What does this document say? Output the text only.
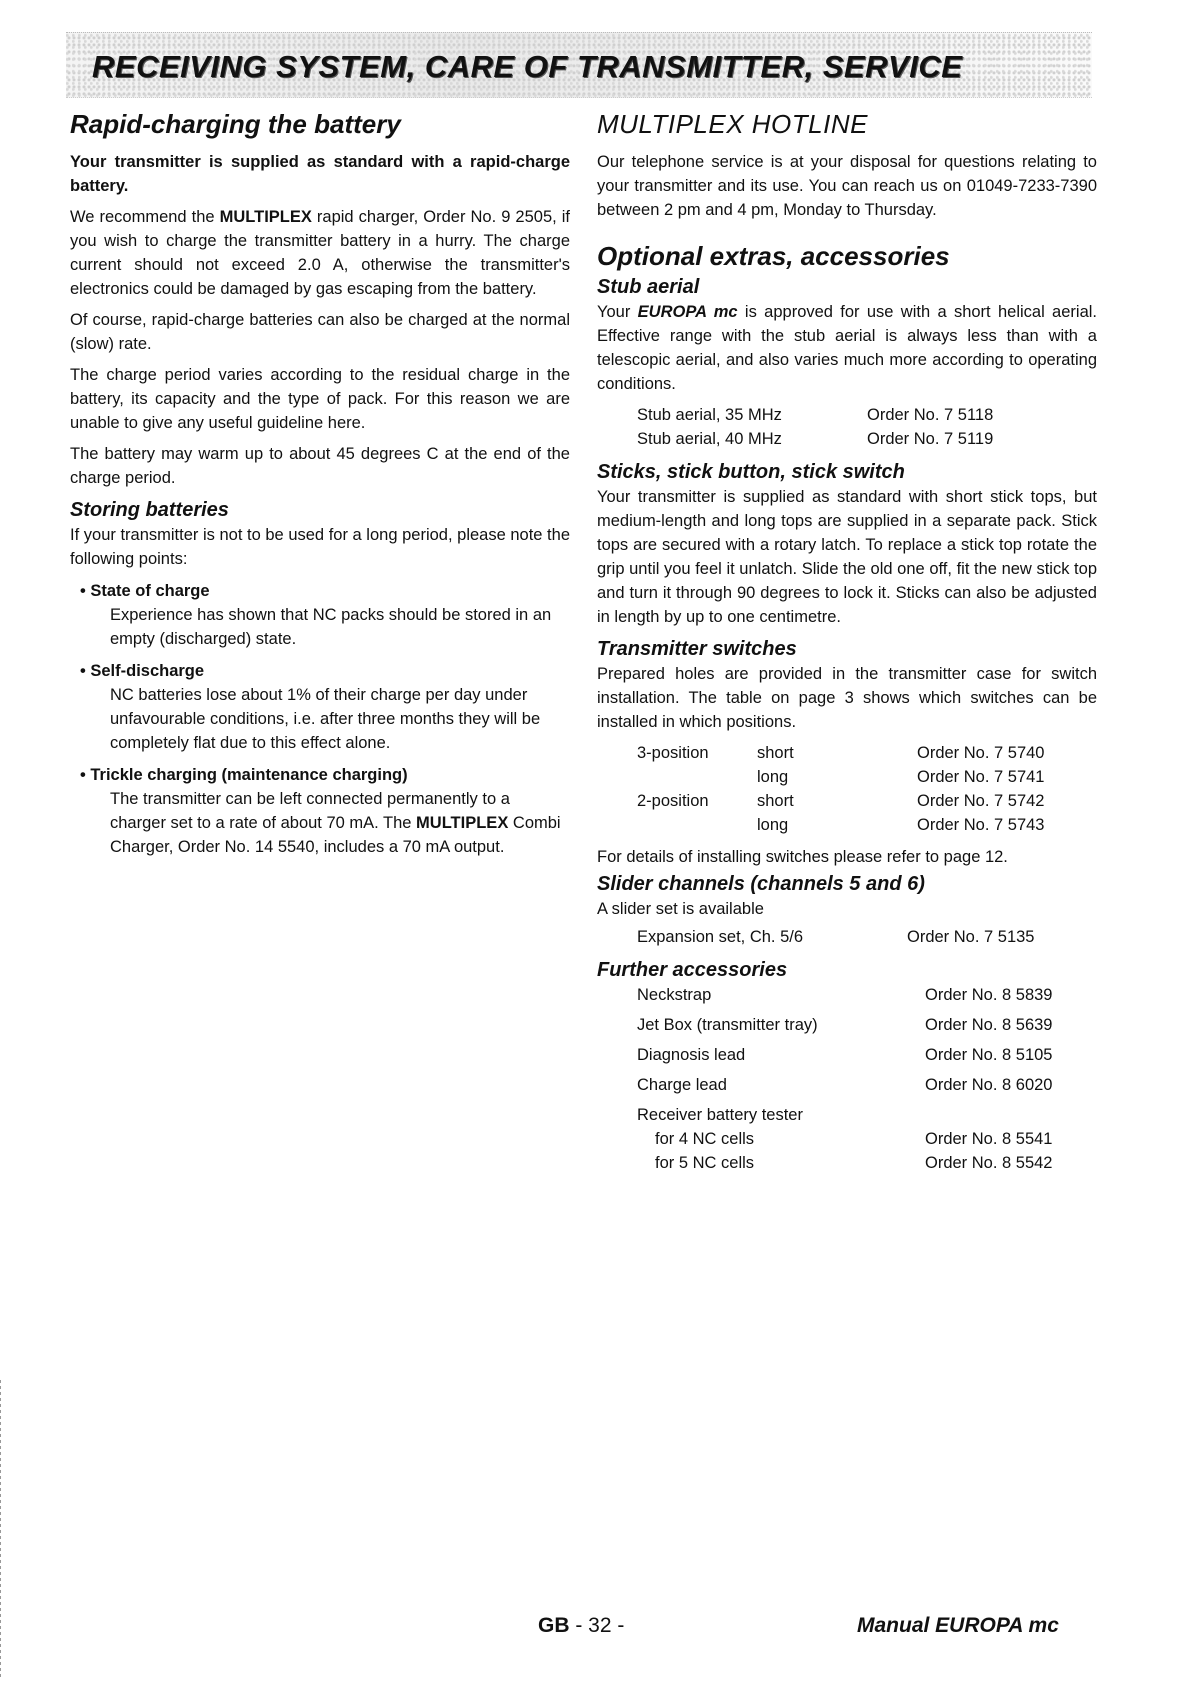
RECEIVING SYSTEM, CARE OF TRANSMITTER, SERVICE
Rapid-charging the battery

Your transmitter is supplied as standard with a rapid-charge battery.

We recommend the MULTIPLEX rapid charger, Order No. 9 2505, if you wish to charge the transmitter battery in a hurry. The charge current should not exceed 2.0 A, otherwise the transmitter's electronics could be damaged by gas escaping from the battery.

Of course, rapid-charge batteries can also be charged at the normal (slow) rate.

The charge period varies according to the residual charge in the battery, its capacity and the type of pack. For this reason we are unable to give any useful guideline here.

The battery may warm up to about 45 degrees C at the end of the charge period.

Storing batteries

If your transmitter is not to be used for a long period, please note the following points:

• State of charge
Experience has shown that NC packs should be stored in an empty (discharged) state.
• Self-discharge
NC batteries lose about 1% of their charge per day under unfavourable conditions, i.e. after three months they will be completely flat due to this effect alone.
• Trickle charging (maintenance charging)
The transmitter can be left connected permanently to a charger set to a rate of about 70 mA. The MULTIPLEX Combi Charger, Order No. 14 5540, includes a 70 mA output.
MULTIPLEX HOTLINE

Our telephone service is at your disposal for questions relating to your transmitter and its use. You can reach us on 01049-7233-7390 between 2 pm and 4 pm, Monday to Thursday.

Optional extras, accessories
Stub aerial

Your EUROPA mc is approved for use with a short helical aerial. Effective range with the stub aerial is always less than with a telescopic aerial, and also varies much more according to operating conditions.

Stub aerial, 35 MHz	Order No. 7 5118
Stub aerial, 40 MHz	Order No. 7 5119
Sticks, stick button, stick switch

Your transmitter is supplied as standard with short stick tops, but medium-length and long tops are supplied in a separate pack. Stick tops are secured with a rotary latch. To replace a stick top rotate the grip until you feel it unlatch. Slide the old one off, fit the new stick top and turn it through 90 degrees to lock it. Sticks can also be adjusted in length by up to one centimetre.

Transmitter switches

Prepared holes are provided in the transmitter case for switch installation. The table on page 3 shows which switches can be installed in which positions.

3-position	short	Order No. 7 5740
	long	Order No. 7 5741
2-position	short	Order No. 7 5742
	long	Order No. 7 5743

For details of installing switches please refer to page 12.

Slider channels (channels 5 and 6)

A slider set is available

Expansion set, Ch. 5/6	Order No. 7 5135
Further accessories
Neckstrap	Order No. 8 5839
Jet Box (transmitter tray)	Order No. 8 5639
Diagnosis lead	Order No. 8 5105
Charge lead	Order No. 8 6020
Receiver battery tester	
for 4 NC cells	Order No. 8 5541
for 5 NC cells	Order No. 8 5542
GB - 32 -	Manual EUROPA mc
